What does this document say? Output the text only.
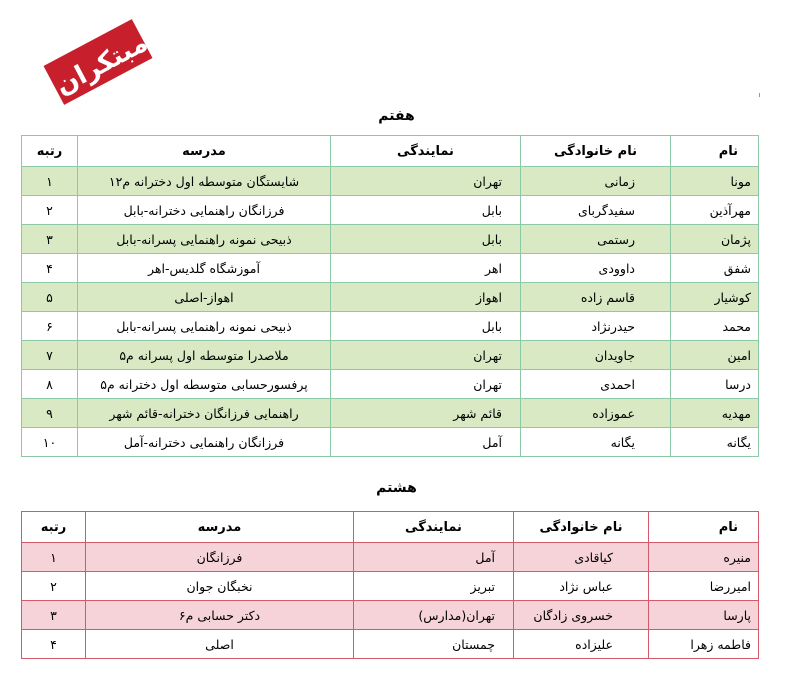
مبتکران
هفتم
نام	نام خانوادگی	نمایندگی	مدرسه	رتبه
مونا	زمانی	تهران	شایستگان متوسطه اول دخترانه م۱۲	۱
مهرآذین	سفیدگربای	بابل	فرزانگان راهنمایی دخترانه-بابل	۲
پژمان	رستمی	بابل	ذبیحی نمونه راهنمایی پسرانه-بابل	۳
شفق	داوودی	اهر	آموزشگاه گلدیس-اهر	۴
کوشیار	قاسم زاده	اهواز	اهواز-اصلی	۵
محمد	حیدرنژاد	بابل	ذبیحی نمونه راهنمایی پسرانه-بابل	۶
امین	جاویدان	تهران	ملاصدرا متوسطه اول پسرانه م۵	۷
درسا	احمدی	تهران	پرفسورحسابی متوسطه اول دخترانه م۵	۸
مهدیه	عموزاده	قائم شهر	راهنمایی فرزانگان دخترانه-قائم شهر	۹
یگانه	یگانه	آمل	فرزانگان راهنمایی دخترانه-آمل	۱۰
هشتم
نام	نام خانوادگی	نمایندگی	مدرسه	رتبه
منیره	کیاقادی	آمل	فرزانگان	۱
امیررضا	عباس نژاد	تبریز	نخبگان جوان	۲
پارسا	خسروی زادگان	تهران(مدارس)	دکتر حسابی م۶	۳
فاطمه زهرا	علیزاده	چمستان	اصلی	۴
